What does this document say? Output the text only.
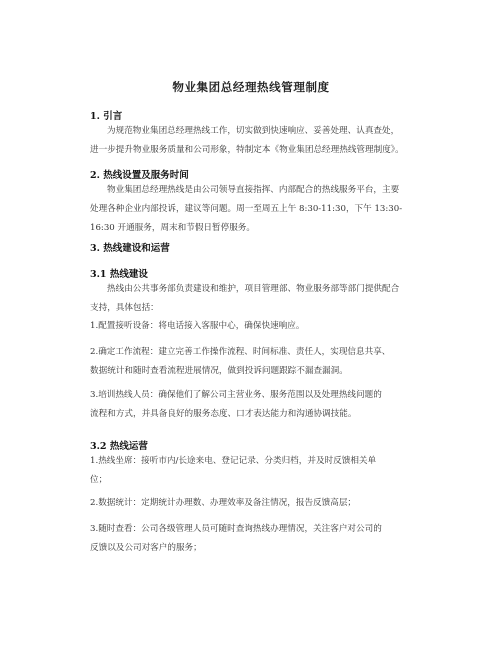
物业集团总经理热线管理制度
1. 引言
为规范物业集团总经理热线工作，切实做到快速响应、妥善处理、认真查处，
进一步提升物业服务质量和公司形象，特制定本《物业集团总经理热线管理制度》。
2. 热线设置及服务时间
物业集团总经理热线是由公司领导直接指挥、内部配合的热线服务平台，主要
处理各种企业内部投诉，建议等问题。周一至周五上午 8:30-11:30，下午 13:30-
16:30 开通服务，周末和节假日暂停服务。
3. 热线建设和运营
3.1 热线建设
热线由公共事务部负责建设和维护，项目管理部、物业服务部等部门提供配合
支持，具体包括：
1.配置接听设备：将电话接入客服中心，确保快速响应。
2.确定工作流程：建立完善工作操作流程、时间标准、责任人，实现信息共享、
数据统计和随时查看流程进展情况，做到投诉问题跟踪不漏查漏洞。
3.培训热线人员：确保他们了解公司主营业务、服务范围以及处理热线问题的
流程和方式，并具备良好的服务态度、口才表达能力和沟通协调技能。
3.2 热线运营
1.热线坐席：接听市内/长途来电、登记记录、分类归档，并及时反馈相关单
位；
2.数据统计：定期统计办理数、办理效率及备注情况，报告反馈高层；
3.随时查看：公司各级管理人员可随时查询热线办理情况，关注客户对公司的
反馈以及公司对客户的服务；
